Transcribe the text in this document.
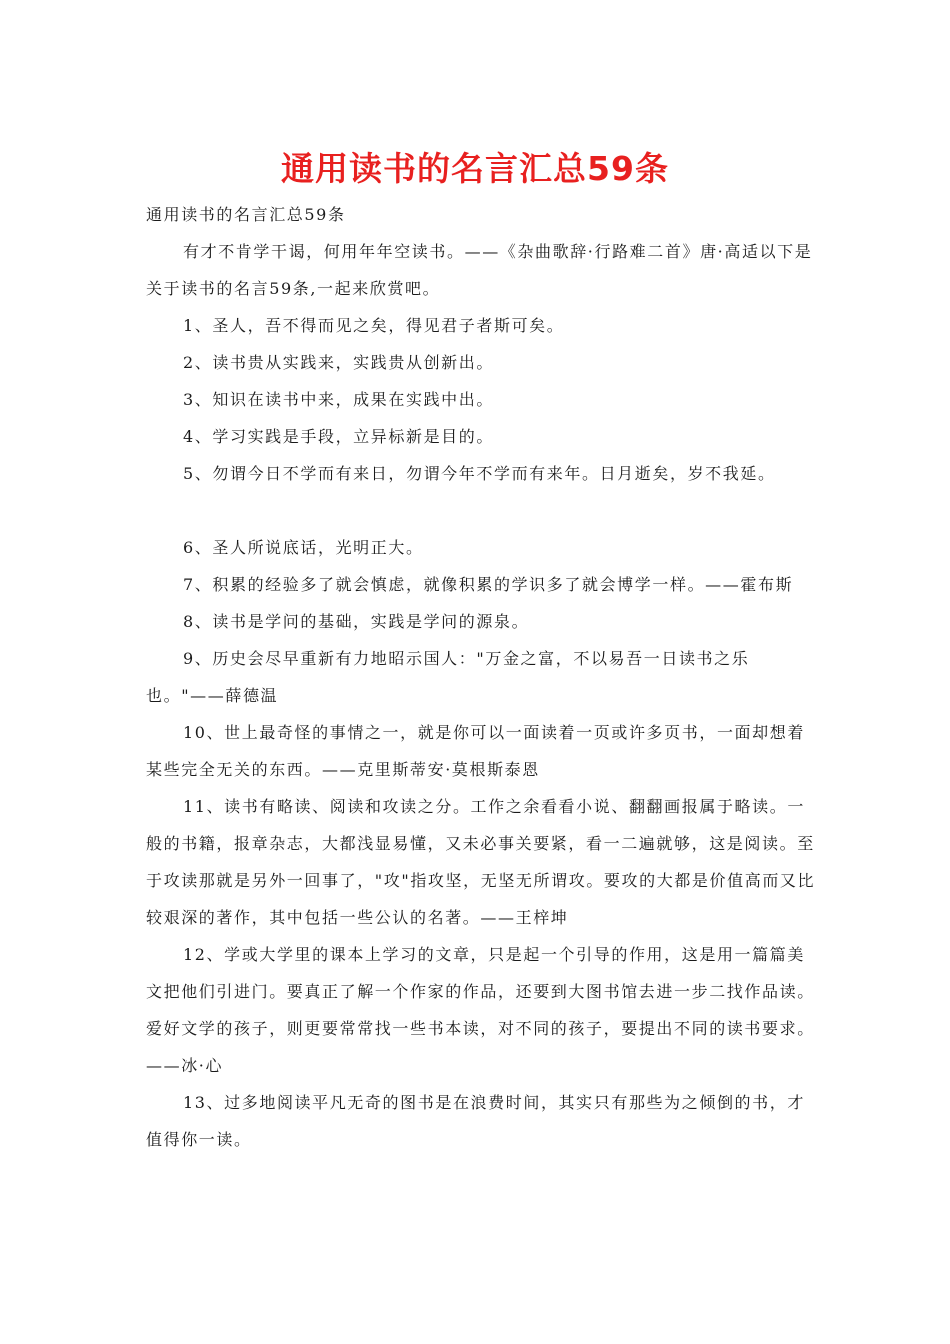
通用读书的名言汇总59条

通用读书的名言汇总59条

有才不肯学干谒，何用年年空读书。——《杂曲歌辞·行路难二首》唐·高适以下是关于读书的名言59条,一起来欣赏吧。

1、圣人，吾不得而见之矣，得见君子者斯可矣。

2、读书贵从实践来，实践贵从创新出。

3、知识在读书中来，成果在实践中出。

4、学习实践是手段，立异标新是目的。

5、勿谓今日不学而有来日，勿谓今年不学而有来年。日月逝矣，岁不我延。

6、圣人所说底话，光明正大。

7、积累的经验多了就会慎虑，就像积累的学识多了就会博学一样。——霍布斯

8、读书是学问的基础，实践是学问的源泉。

9、历史会尽早重新有力地昭示国人："万金之富，不以易吾一日读书之乐也。"——薛德温

10、世上最奇怪的事情之一，就是你可以一面读着一页或许多页书，一面却想着某些完全无关的东西。——克里斯蒂安·莫根斯泰恩

11、读书有略读、阅读和攻读之分。工作之余看看小说、翻翻画报属于略读。一般的书籍，报章杂志，大都浅显易懂，又未必事关要紧，看一二遍就够，这是阅读。至于攻读那就是另外一回事了，"攻"指攻坚，无坚无所谓攻。要攻的大都是价值高而又比较艰深的著作，其中包括一些公认的名著。——王梓坤

12、学或大学里的课本上学习的文章，只是起一个引导的作用，这是用一篇篇美文把他们引进门。要真正了解一个作家的作品，还要到大图书馆去进一步二找作品读。爱好文学的孩子，则更要常常找一些书本读，对不同的孩子，要提出不同的读书要求。——冰·心

13、过多地阅读平凡无奇的图书是在浪费时间，其实只有那些为之倾倒的书，才值得你一读。
